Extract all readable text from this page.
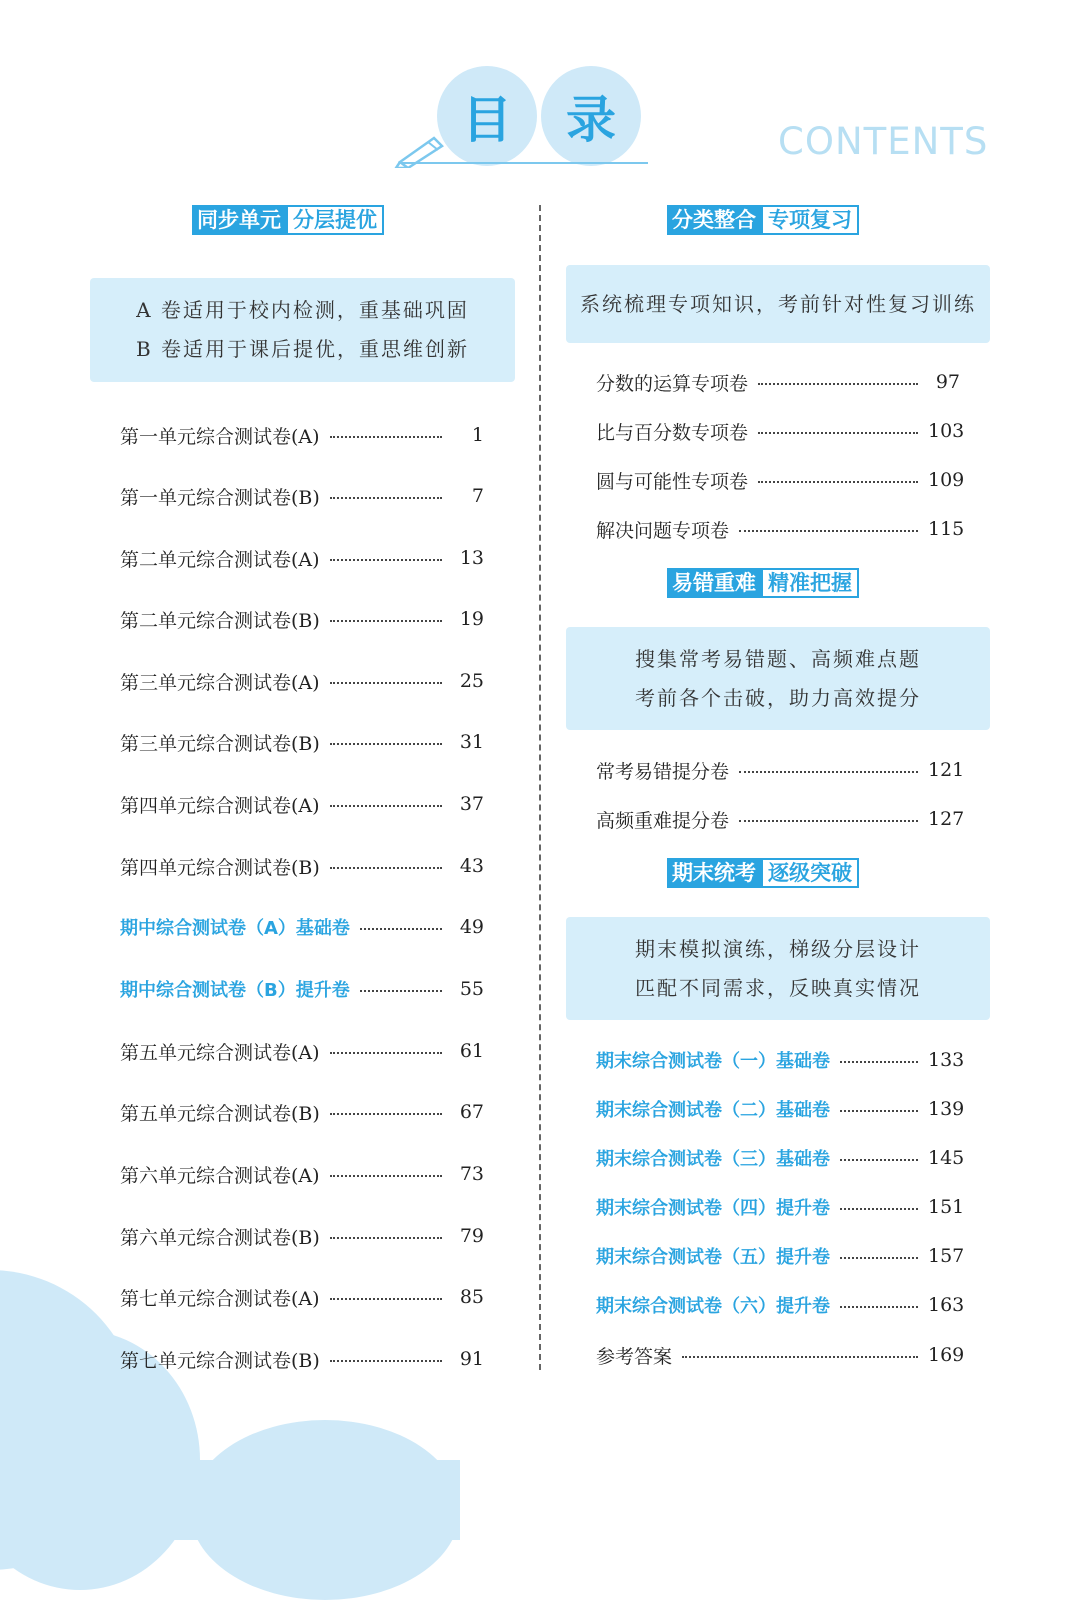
目	录	CONTENTS
同步单元 分层提优
A 卷适用于校内检测，重基础巩固
B 卷适用于课后提优，重思维创新
第一单元综合测试卷(A)	1
第一单元综合测试卷(B)	7
第二单元综合测试卷(A)	13
第二单元综合测试卷(B)	19
第三单元综合测试卷(A)	25
第三单元综合测试卷(B)	31
第四单元综合测试卷(A)	37
第四单元综合测试卷(B)	43
期中综合测试卷（A）基础卷	49
期中综合测试卷（B）提升卷	55
第五单元综合测试卷(A)	61
第五单元综合测试卷(B)	67
第六单元综合测试卷(A)	73
第六单元综合测试卷(B)	79
第七单元综合测试卷(A)	85
第七单元综合测试卷(B)	91
分类整合 专项复习
系统梳理专项知识，考前针对性复习训练
分数的运算专项卷	97
比与百分数专项卷	103
圆与可能性专项卷	109
解决问题专项卷	115
易错重难 精准把握
搜集常考易错题、高频难点题
考前各个击破，助力高效提分
常考易错提分卷	121
高频重难提分卷	127
期末统考 逐级突破
期末模拟演练，梯级分层设计
匹配不同需求，反映真实情况
期末综合测试卷（一）基础卷	133
期末综合测试卷（二）基础卷	139
期末综合测试卷（三）基础卷	145
期末综合测试卷（四）提升卷	151
期末综合测试卷（五）提升卷	157
期末综合测试卷（六）提升卷	163
参考答案	169
